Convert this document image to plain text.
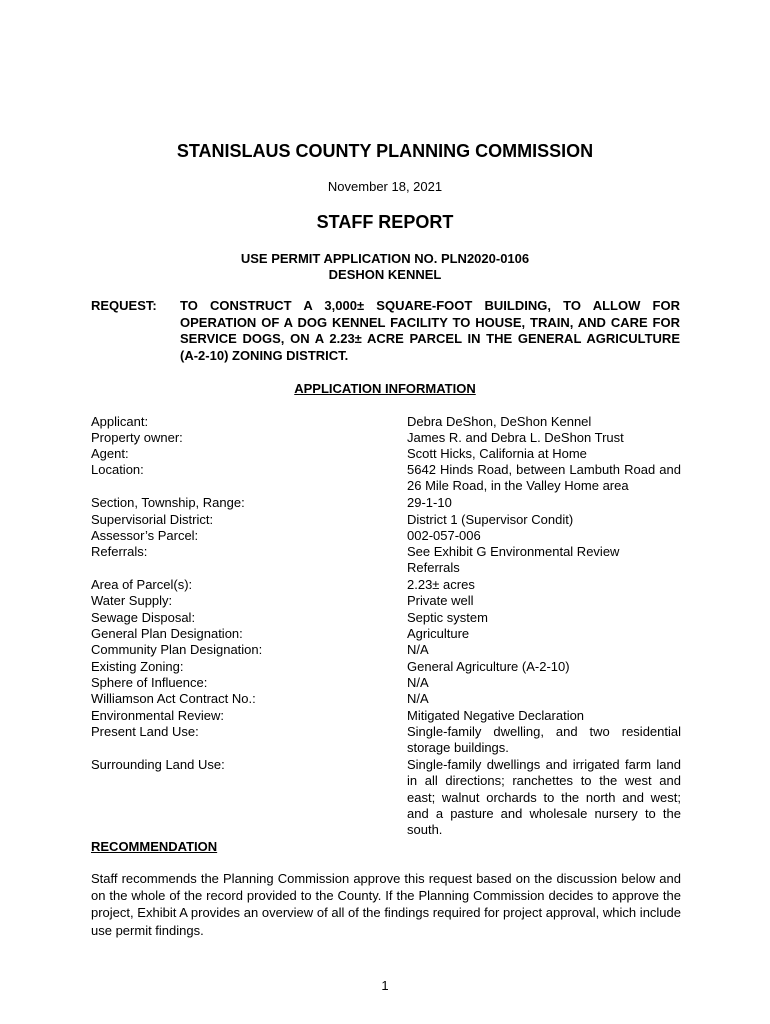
STANISLAUS COUNTY PLANNING COMMISSION
November 18, 2021
STAFF REPORT
USE PERMIT APPLICATION NO. PLN2020-0106
DESHON KENNEL
REQUEST: TO CONSTRUCT A 3,000± SQUARE-FOOT BUILDING, TO ALLOW FOR OPERATION OF A DOG KENNEL FACILITY TO HOUSE, TRAIN, AND CARE FOR SERVICE DOGS, ON A 2.23± ACRE PARCEL IN THE GENERAL AGRICULTURE (A-2-10) ZONING DISTRICT.
APPLICATION INFORMATION
Applicant:	Debra DeShon, DeShon Kennel
Property owner:	James R. and Debra L. DeShon Trust
Agent:	Scott Hicks, California at Home
Location:	5642 Hinds Road, between Lambuth Road and 26 Mile Road, in the Valley Home area
Section, Township, Range:	29-1-10
Supervisorial District:	District 1 (Supervisor Condit)
Assessor’s Parcel:	002-057-006
Referrals:	See Exhibit G Environmental Review Referrals
Area of Parcel(s):	2.23± acres
Water Supply:	Private well
Sewage Disposal:	Septic system
General Plan Designation:	Agriculture
Community Plan Designation:	N/A
Existing Zoning:	General Agriculture (A-2-10)
Sphere of Influence:	N/A
Williamson Act Contract No.:	N/A
Environmental Review:	Mitigated Negative Declaration
Present Land Use:	Single-family dwelling, and two residential storage buildings.
Surrounding Land Use:	Single-family dwellings and irrigated farm land in all directions; ranchettes to the west and east; walnut orchards to the north and west; and a pasture and wholesale nursery to the south.
RECOMMENDATION
Staff recommends the Planning Commission approve this request based on the discussion below and on the whole of the record provided to the County. If the Planning Commission decides to approve the project, Exhibit A provides an overview of all of the findings required for project approval, which include use permit findings.
1
